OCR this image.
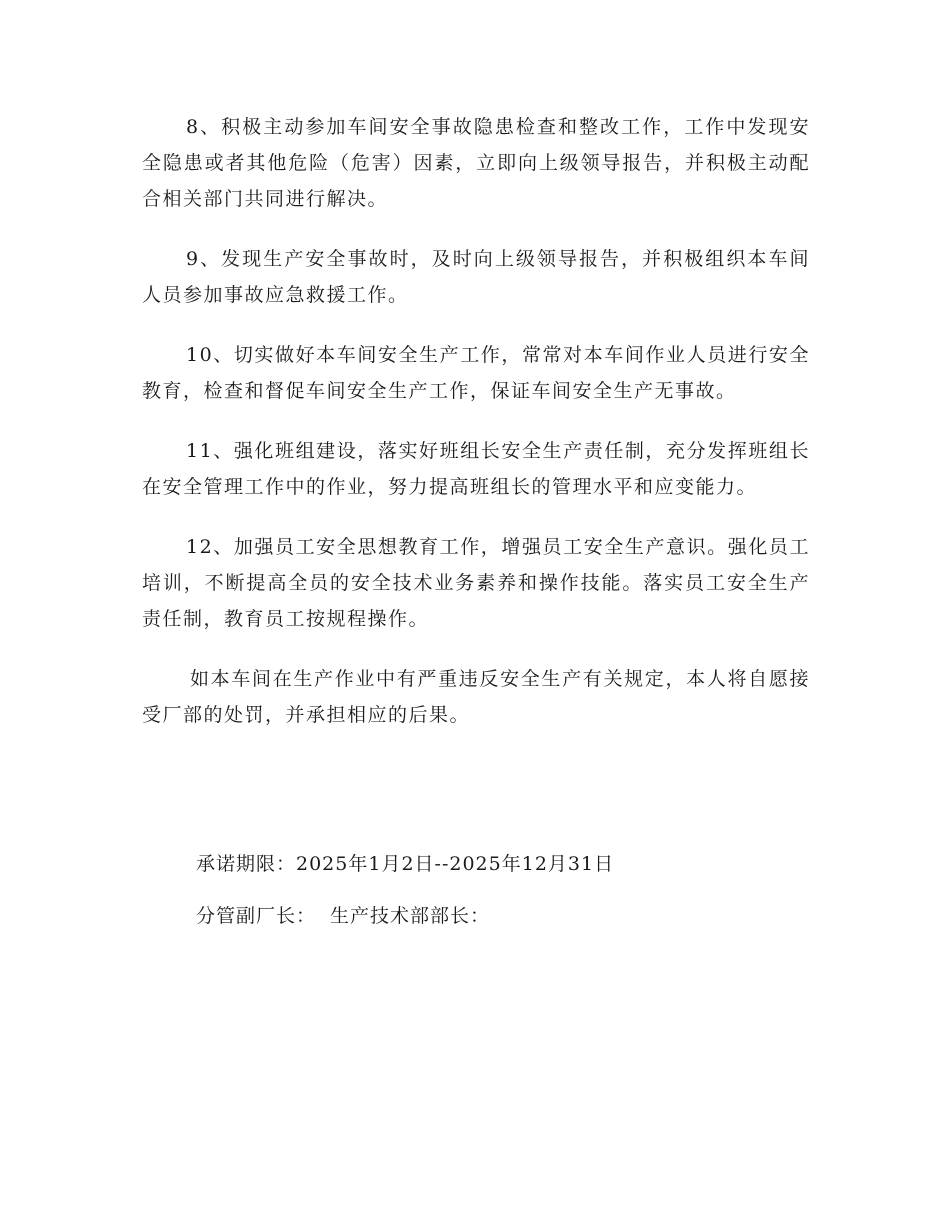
8、积极主动参加车间安全事故隐患检查和整改工作，工作中发现安全隐患或者其他危险（危害）因素，立即向上级领导报告，并积极主动配合相关部门共同进行解决。

9、发现生产安全事故时，及时向上级领导报告，并积极组织本车间人员参加事故应急救援工作。

10、切实做好本车间安全生产工作，常常对本车间作业人员进行安全教育，检查和督促车间安全生产工作，保证车间安全生产无事故。

11、强化班组建设，落实好班组长安全生产责任制，充分发挥班组长在安全管理工作中的作业，努力提高班组长的管理水平和应变能力。

12、加强员工安全思想教育工作，增强员工安全生产意识。强化员工培训，不断提高全员的安全技术业务素养和操作技能。落实员工安全生产责任制，教育员工按规程操作。

如本车间在生产作业中有严重违反安全生产有关规定，本人将自愿接受厂部的处罚，并承担相应的后果。

承诺期限：2025年1月2日--2025年12月31日

分管副厂长： 生产技术部部长：
